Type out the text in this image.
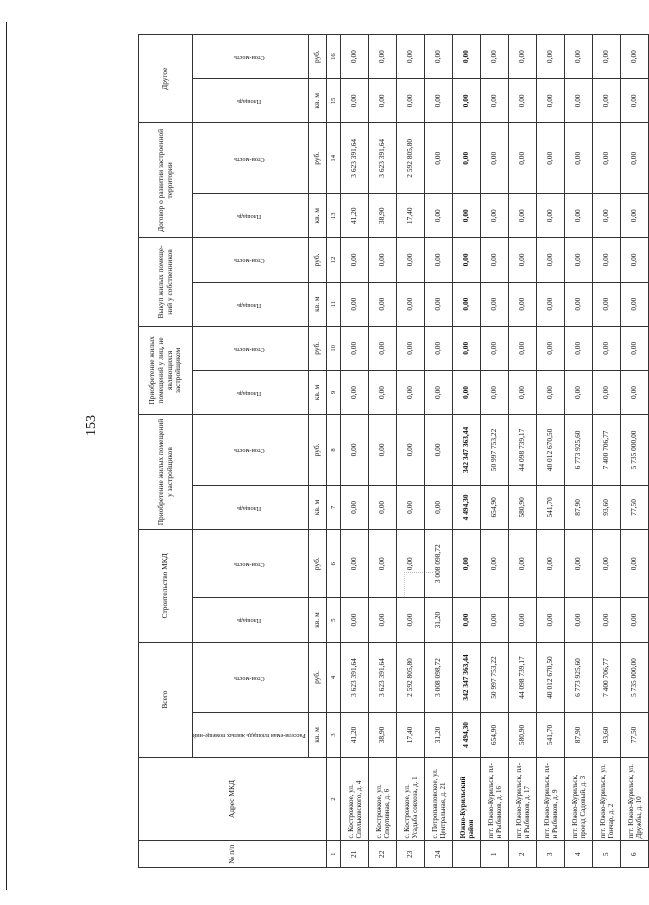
153
№ п/п	Адрес МКД	Всего		Строительство МКД		Приобретение жилых помещений у застройщиков		Приобретение жилых помещений у лиц, не являющихся застройщиком		Выкуп жилых помеще-ний у собственников		Договор о развитии застроенной территории		Другое	
		Расселя-емая площадь жилых помеще-ний	Стои-мость	Площадь	Стои-мость	Площадь	Стои-мость	Площадь	Стои-мость	Площадь	Стои-мость	Площадь	Стои-мость	Площадь	Стои-мость
		кв. м	руб.	кв. м	руб.	кв. м	руб.	кв. м	руб.	кв. м	руб.	кв. м	руб.	кв. м	руб.
1	2	3	4	5	6	7	8	9	10	11	12	13	14	15	16
21	с. Кострожкое, ул. Спельковского, д. 4	41,20	3 623 391,64	0,00	0,00	0,00	0,00	0,00	0,00	0,00	0,00	41,20	3 623 391,64	0,00	0,00
22	с. Кострожкое, ул. Спортивная, д. 6	38,90	3 623 391,64	0,00	0,00	0,00	0,00	0,00	0,00	0,00	0,00	38,90	3 623 391,64	0,00	0,00
23	с. Кострожкое, ул. Усадьба совхоза, д. 1	17,40	2 592 805,80	0,00	0,00	0,00	0,00	0,00	0,00	0,00	0,00	17,40	2 592 805,80	0,00	0,00
24	с. Петропавловское, ул. Центральная, д. 21	31,20	3 008 098,72	31,20	3 008 098,72	0,00	0,00	0,00	0,00	0,00	0,00	0,00	0,00	0,00	0,00
	Южно-Курильский район	4 494,30	342 347 363,44	0,00	0,00	4 494,30	342 347 363,44	0,00	0,00	0,00	0,00	0,00	0,00	0,00	0,00
1	пгт. Южно-Курильск, пл-н Рыбников, д. 16	654,90	50 997 753,22	0,00	0,00	654,90	50 997 753,22	0,00	0,00	0,00	0,00	0,00	0,00	0,00	0,00
2	пгт. Южно-Курильск, пл-н Рыбников, д. 17	580,90	44 098 739,17	0,00	0,00	580,90	44 098 739,17	0,00	0,00	0,00	0,00	0,00	0,00	0,00	0,00
3	пгт. Южно-Курильск, пл-н Рыбников, д. 9	541,70	40 012 670,50	0,00	0,00	541,70	40 012 670,50	0,00	0,00	0,00	0,00	0,00	0,00	0,00	0,00
4	пгт. Южно-Курильск, проезд Садовый, д. 3	87,90	6 773 925,60	0,00	0,00	87,90	6 773 925,60	0,00	0,00	0,00	0,00	0,00	0,00	0,00	0,00
5	пгт. Южно-Курильск, ул. Гончар, д. 2	93,60	7 400 706,77	0,00	0,00	93,60	7 400 706,77	0,00	0,00	0,00	0,00	0,00	0,00	0,00	0,00
6	пгт. Южно-Курильск, ул. Дружбы, д. 10	77,50	5 735 000,00	0,00	0,00	77,50	5 735 000,00	0,00	0,00	0,00	0,00	0,00	0,00	0,00	0,00
